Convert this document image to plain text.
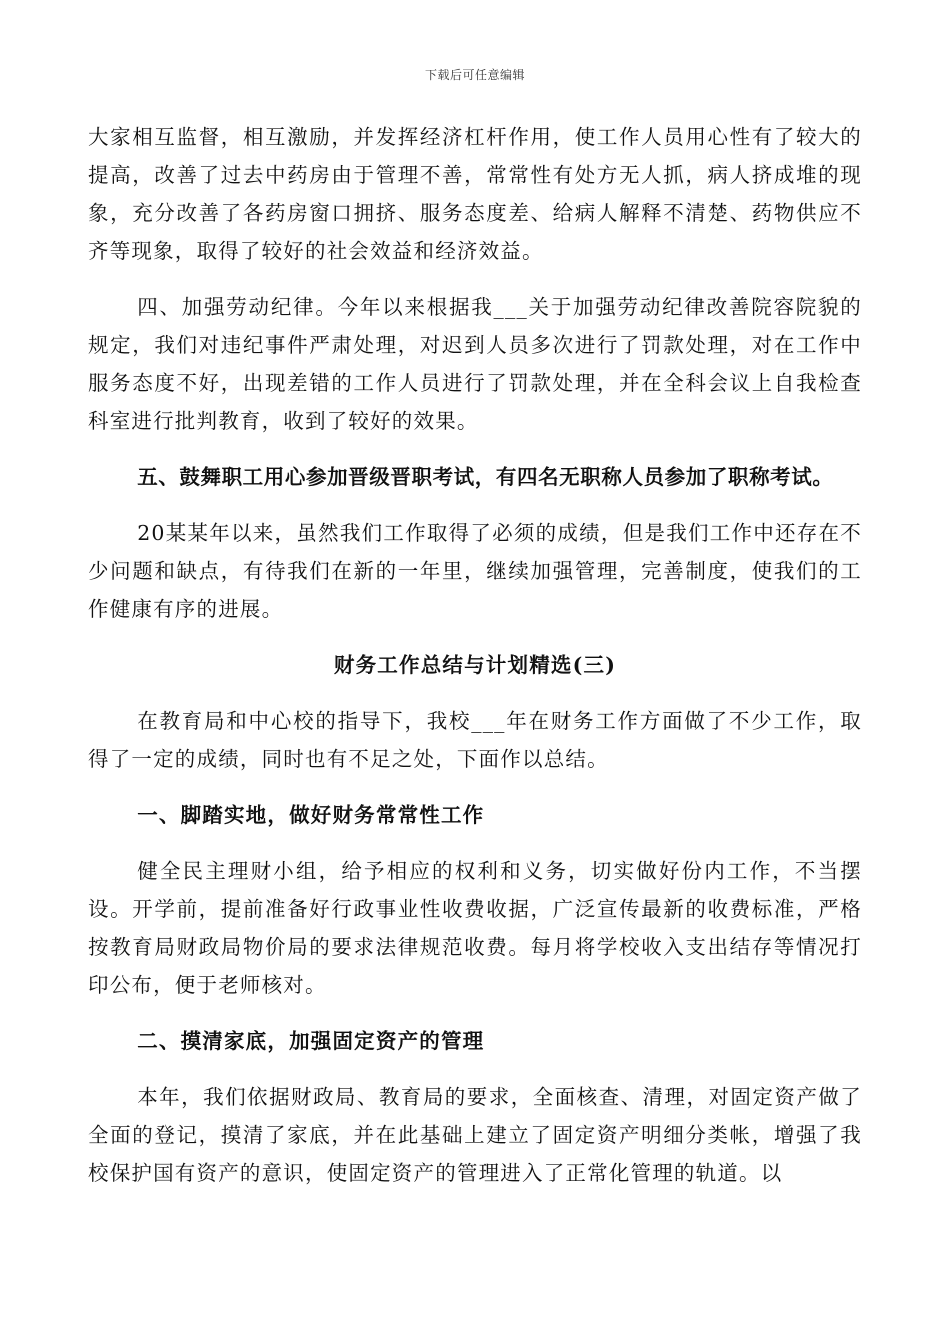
下载后可任意编辑

大家相互监督，相互激励，并发挥经济杠杆作用，使工作人员用心性有了较大的提高，改善了过去中药房由于管理不善，常常性有处方无人抓，病人挤成堆的现象，充分改善了各药房窗口拥挤、服务态度差、给病人解释不清楚、药物供应不齐等现象，取得了较好的社会效益和经济效益。

四、加强劳动纪律。今年以来根据我___关于加强劳动纪律改善院容院貌的规定，我们对违纪事件严肃处理，对迟到人员多次进行了罚款处理，对在工作中服务态度不好，出现差错的工作人员进行了罚款处理，并在全科会议上自我检查科室进行批判教育，收到了较好的效果。

五、鼓舞职工用心参加晋级晋职考试，有四名无职称人员参加了职称考试。

20某某年以来，虽然我们工作取得了必须的成绩，但是我们工作中还存在不少问题和缺点，有待我们在新的一年里，继续加强管理，完善制度，使我们的工作健康有序的进展。

财务工作总结与计划精选(三)

在教育局和中心校的指导下，我校___年在财务工作方面做了不少工作，取得了一定的成绩，同时也有不足之处，下面作以总结。

一、脚踏实地，做好财务常常性工作

健全民主理财小组，给予相应的权利和义务，切实做好份内工作，不当摆设。开学前，提前准备好行政事业性收费收据，广泛宣传最新的收费标准，严格按教育局财政局物价局的要求法律规范收费。每月将学校收入支出结存等情况打印公布，便于老师核对。

二、摸清家底，加强固定资产的管理

本年，我们依据财政局、教育局的要求，全面核查、清理，对固定资产做了全面的登记，摸清了家底，并在此基础上建立了固定资产明细分类帐，增强了我校保护国有资产的意识，使固定资产的管理进入了正常化管理的轨道。以
